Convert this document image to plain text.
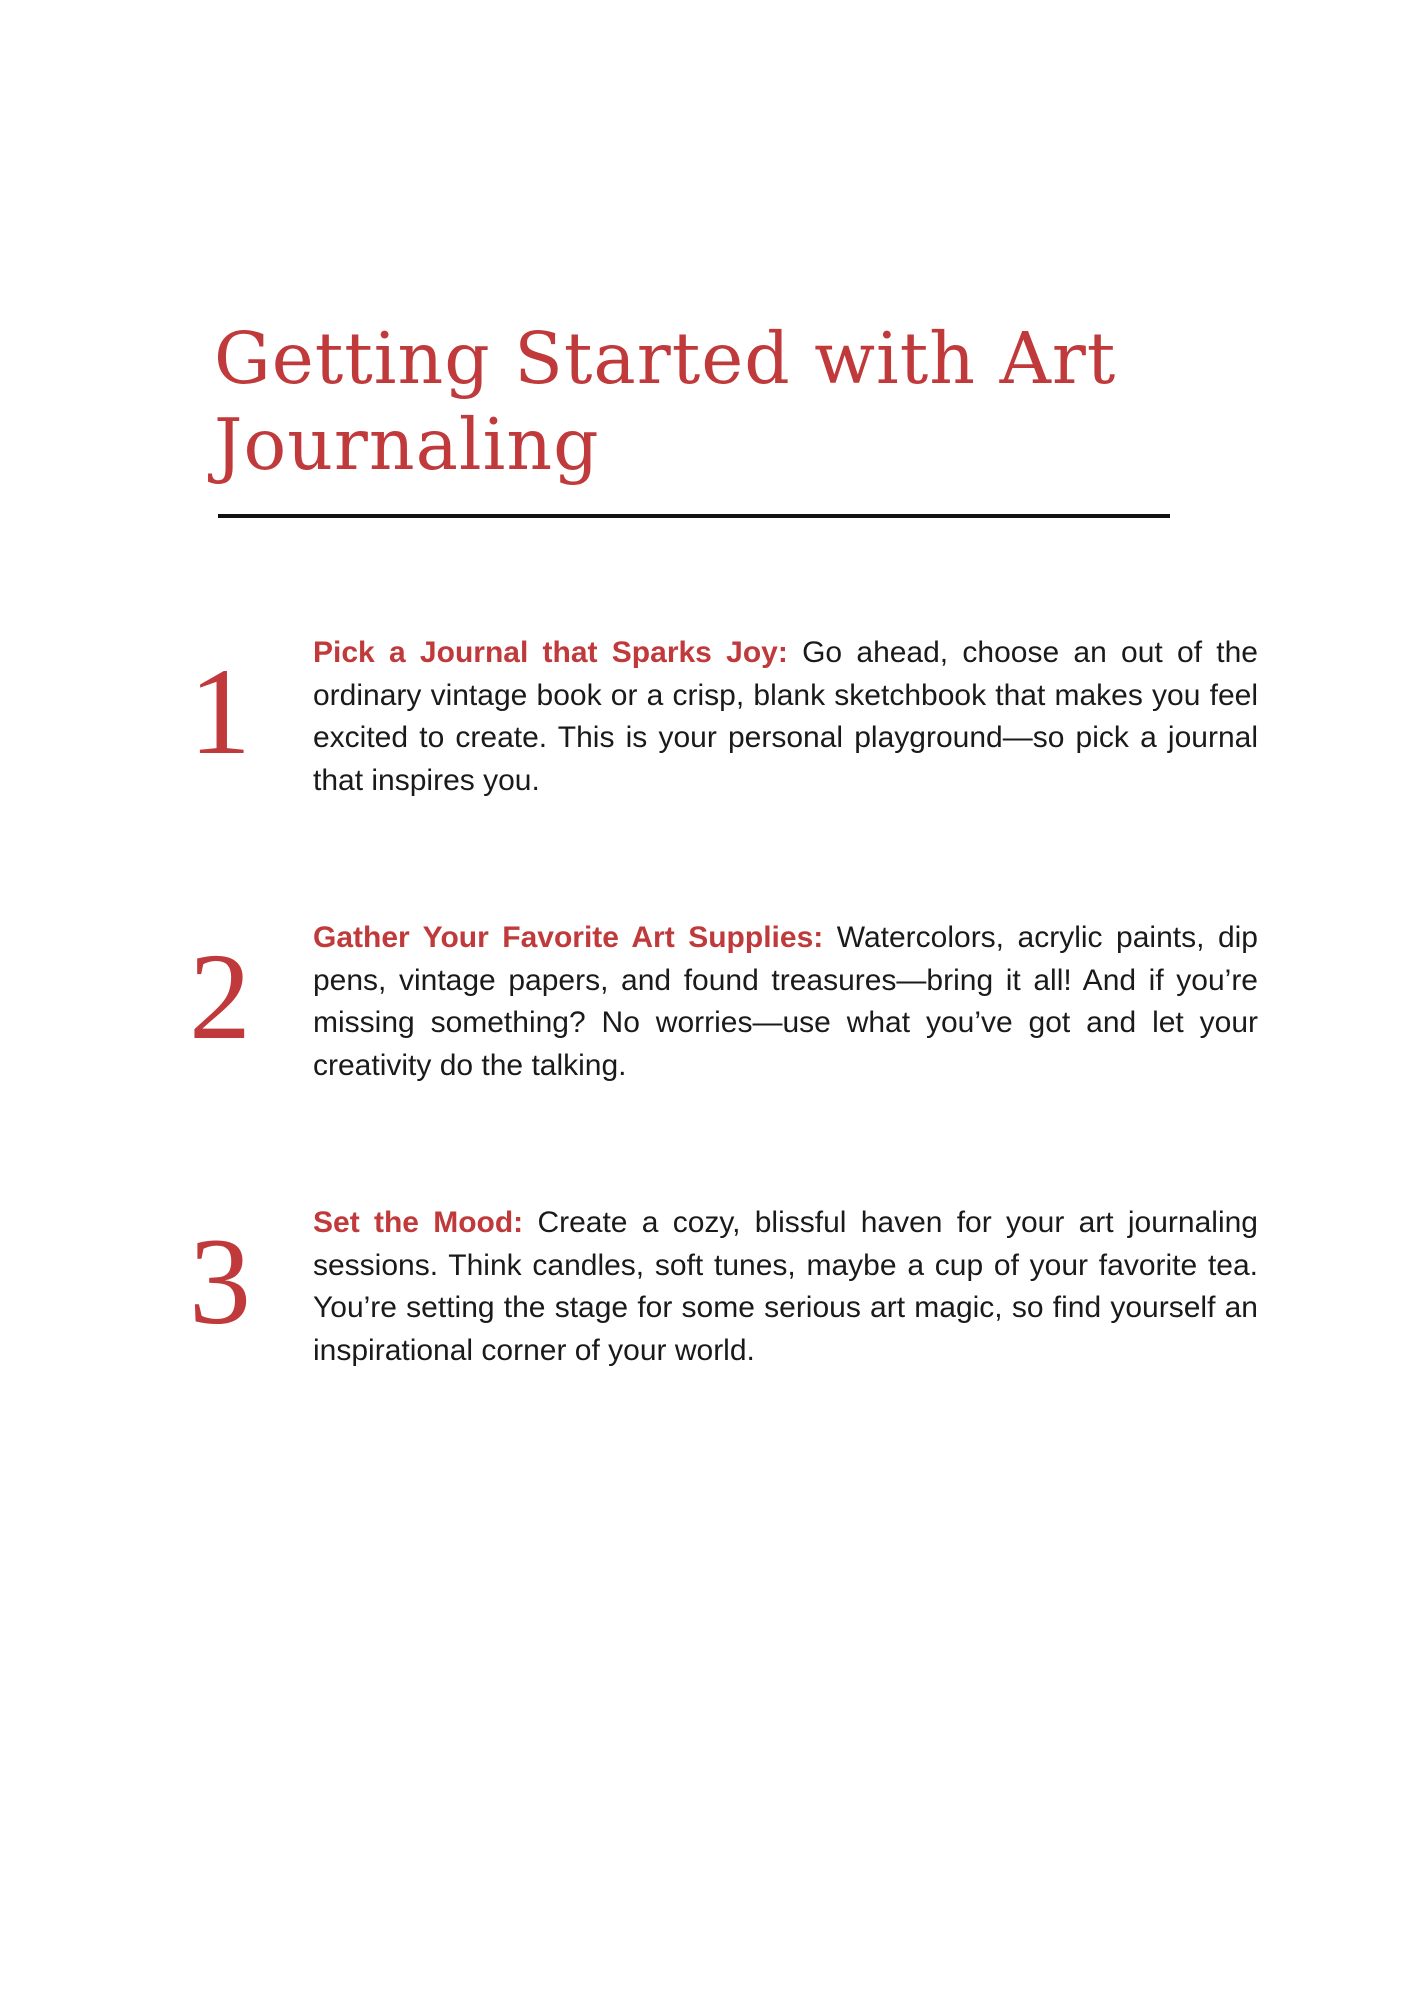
Getting Started with Art
Journaling
1	Pick a Journal that Sparks Joy: Go ahead, choose an out of the ordinary vintage book or a crisp, blank sketchbook that makes you feel excited to create. This is your personal playground—so pick a journal that inspires you.

2	Gather Your Favorite Art Supplies: Watercolors, acrylic paints, dip pens, vintage papers, and found treasures—bring it all! And if you’re missing something? No worries—use what you’ve got and let your creativity do the talking.

3	Set the Mood: Create a cozy, blissful haven for your art journaling sessions. Think candles, soft tunes, maybe a cup of your favorite tea. You’re setting the stage for some serious art magic, so find yourself an inspirational corner of your world.
